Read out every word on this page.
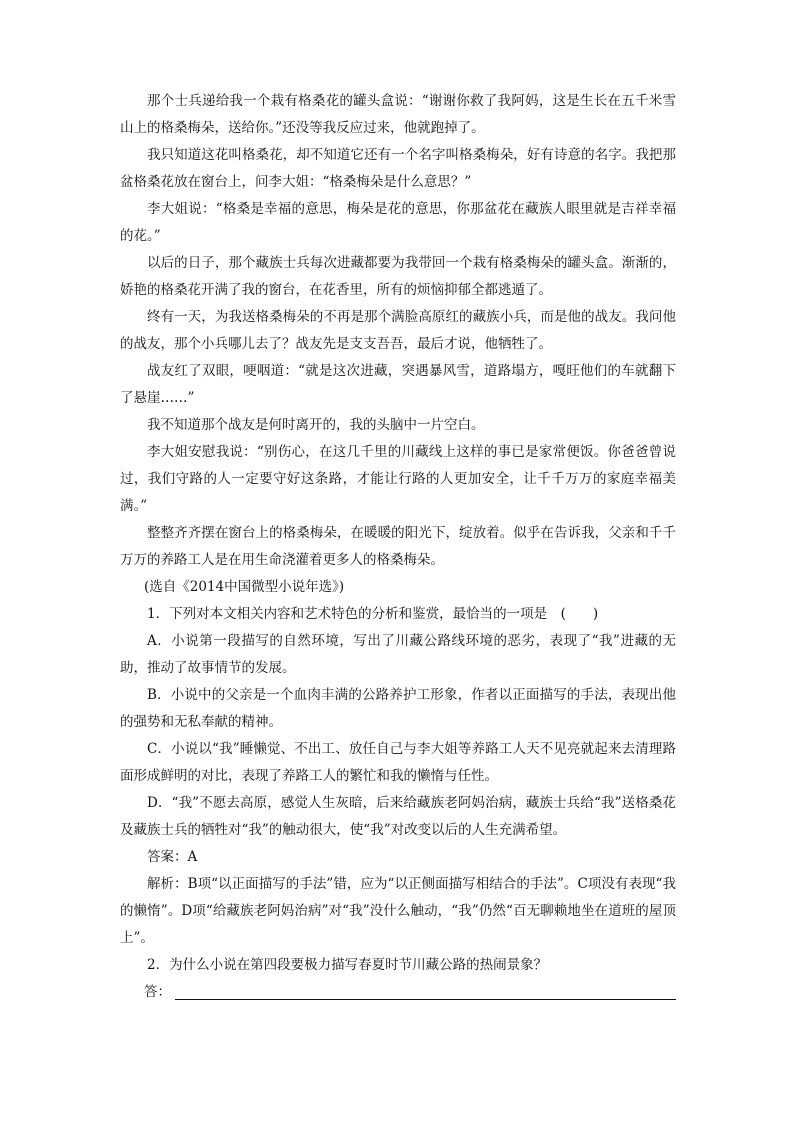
那个士兵递给我一个栽有格桑花的罐头盒说：“谢谢你救了我阿妈，这是生长在五千米雪山上的格桑梅朵，送给你。”还没等我反应过来，他就跑掉了。

我只知道这花叫格桑花，却不知道它还有一个名字叫格桑梅朵，好有诗意的名字。我把那盆格桑花放在窗台上，问李大姐：“格桑梅朵是什么意思？”

李大姐说：“格桑是幸福的意思，梅朵是花的意思，你那盆花在藏族人眼里就是吉祥幸福的花。”

以后的日子，那个藏族士兵每次进藏都要为我带回一个栽有格桑梅朵的罐头盒。渐渐的，娇艳的格桑花开满了我的窗台，在花香里，所有的烦恼抑郁全都逃遁了。

终有一天，为我送格桑梅朵的不再是那个满脸高原红的藏族小兵，而是他的战友。我问他的战友，那个小兵哪儿去了？战友先是支支吾吾，最后才说，他牺牲了。

战友红了双眼，哽咽道：“就是这次进藏，突遇暴风雪，道路塌方，嘎旺他们的车就翻下了悬崖……”

我不知道那个战友是何时离开的，我的头脑中一片空白。

李大姐安慰我说：“别伤心，在这几千里的川藏线上这样的事已是家常便饭。你爸爸曾说过，我们守路的人一定要守好这条路，才能让行路的人更加安全，让千千万万的家庭幸福美满。”

整整齐齐摆在窗台上的格桑梅朵，在暖暖的阳光下，绽放着。似乎在告诉我，父亲和千千万万的养路工人是在用生命浇灌着更多人的格桑梅朵。

(选自《2014中国微型小说年选》)

1．下列对本文相关内容和艺术特色的分析和鉴赏，最恰当的一项是　(　　)

A．小说第一段描写的自然环境，写出了川藏公路线环境的恶劣，表现了“我”进藏的无助，推动了故事情节的发展。

B．小说中的父亲是一个血肉丰满的公路养护工形象，作者以正面描写的手法，表现出他的强势和无私奉献的精神。

C．小说以“我”睡懒觉、不出工、放任自己与李大姐等养路工人天不见亮就起来去清理路面形成鲜明的对比，表现了养路工人的繁忙和我的懒惰与任性。

D．“我”不愿去高原，感觉人生灰暗，后来给藏族老阿妈治病，藏族士兵给“我”送格桑花及藏族士兵的牺牲对“我”的触动很大，使“我”对改变以后的人生充满希望。

答案：A

解析：B项“以正面描写的手法”错，应为“以正侧面描写相结合的手法”。C项没有表现“我的懒惰”。D项“给藏族老阿妈治病”对“我”没什么触动，“我”仍然“百无聊赖地坐在道班的屋顶上”。

2．为什么小说在第四段要极力描写春夏时节川藏公路的热闹景象？

答：
